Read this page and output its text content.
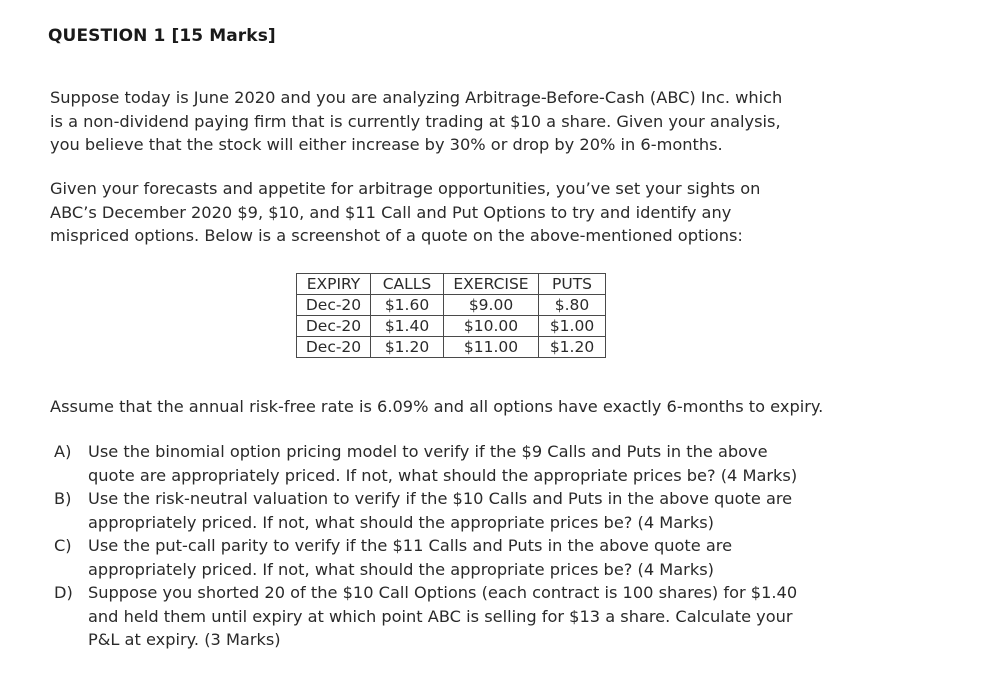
QUESTION 1 [15 Marks]
Suppose today is June 2020 and you are analyzing Arbitrage-Before-Cash (ABC) Inc. which
is a non-dividend paying firm that is currently trading at $10 a share. Given your analysis,
you believe that the stock will either increase by 30% or drop by 20% in 6-months.
Given your forecasts and appetite for arbitrage opportunities, you’ve set your sights on
ABC’s December 2020 $9, $10, and $11 Call and Put Options to try and identify any
mispriced options. Below is a screenshot of a quote on the above-mentioned options:
EXPIRY	CALLS	EXERCISE	PUTS
Dec-20	$1.60	$9.00	$.80
Dec-20	$1.40	$10.00	$1.00
Dec-20	$1.20	$11.00	$1.20
Assume that the annual risk-free rate is 6.09% and all options have exactly 6-months to expiry.
A) Use the binomial option pricing model to verify if the $9 Calls and Puts in the above
quote are appropriately priced. If not, what should the appropriate prices be? (4 Marks)
B) Use the risk-neutral valuation to verify if the $10 Calls and Puts in the above quote are
appropriately priced. If not, what should the appropriate prices be? (4 Marks)
C) Use the put-call parity to verify if the $11 Calls and Puts in the above quote are
appropriately priced. If not, what should the appropriate prices be? (4 Marks)
D) Suppose you shorted 20 of the $10 Call Options (each contract is 100 shares) for $1.40
and held them until expiry at which point ABC is selling for $13 a share. Calculate your
P&L at expiry. (3 Marks)
